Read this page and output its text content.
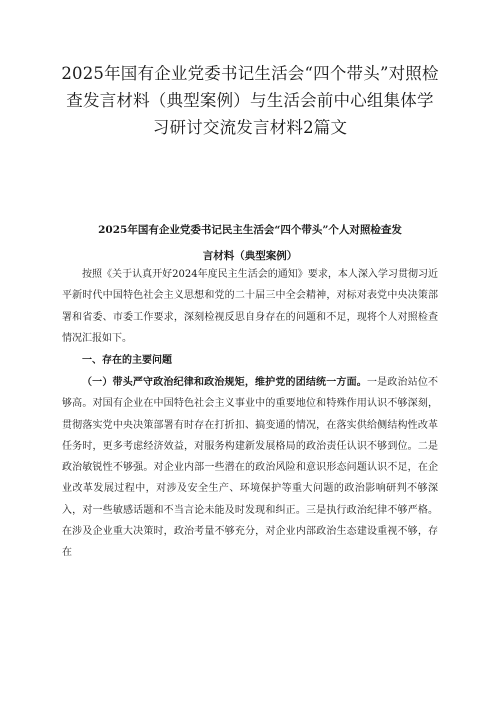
2025年国有企业党委书记生活会“四个带头”对照检查发言材料（典型案例）与生活会前中心组集体学习研讨交流发言材料2篇文
2025年国有企业党委书记民主生活会“四个带头”个人对照检查发
言材料（典型案例）

按照《关于认真开好2024年度民主生活会的通知》要求，本人深入学习贯彻习近平新时代中国特色社会主义思想和党的二十届三中全会精神，对标对表党中央决策部署和省委、市委工作要求，深刻检视反思自身存在的问题和不足，现将个人对照检查情况汇报如下。

一、存在的主要问题

（一）带头严守政治纪律和政治规矩，维护党的团结统一方面。一是政治站位不够高。对国有企业在中国特色社会主义事业中的重要地位和特殊作用认识不够深刻，贯彻落实党中央决策部署有时存在打折扣、搞变通的情况，在落实供给侧结构性改革任务时，更多考虑经济效益，对服务构建新发展格局的政治责任认识不够到位。二是政治敏锐性不够强。对企业内部一些潜在的政治风险和意识形态问题认识不足，在企业改革发展过程中，对涉及安全生产、环境保护等重大问题的政治影响研判不够深入，对一些敏感话题和不当言论未能及时发现和纠正。三是执行政治纪律不够严格。在涉及企业重大决策时，政治考量不够充分，对企业内部政治生态建设重视不够，存在
